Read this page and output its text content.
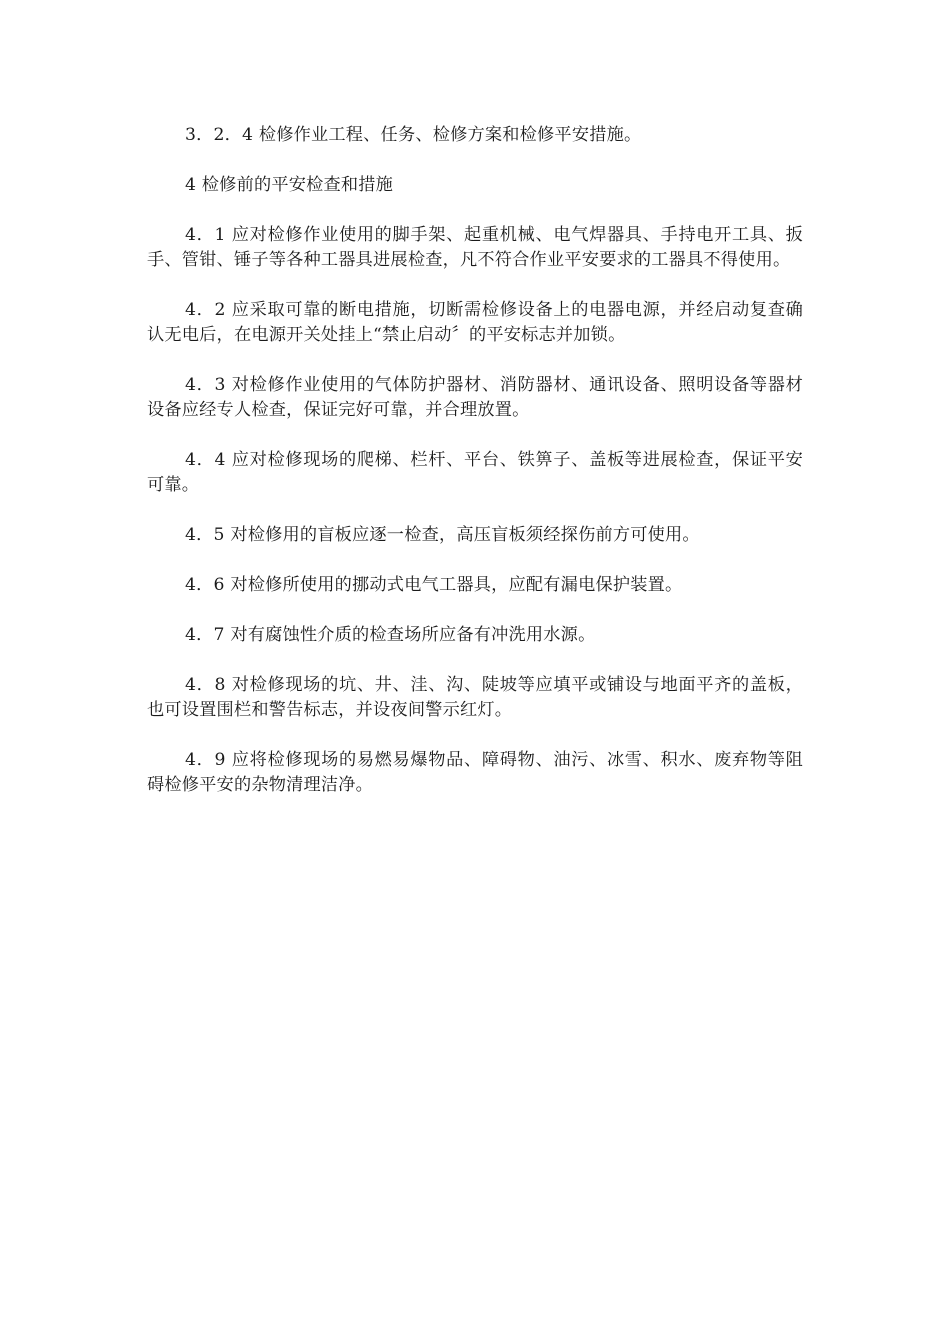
3．2．4 检修作业工程、任务、检修方案和检修平安措施。

4 检修前的平安检查和措施

4．1 应对检修作业使用的脚手架、起重机械、电气焊器具、手持电开工具、扳手、管钳、锤子等各种工器具进展检查，凡不符合作业平安要求的工器具不得使用。

4．2 应采取可靠的断电措施，切断需检修设备上的电器电源，并经启动复查确认无电后，在电源开关处挂上“禁止启动〞的平安标志并加锁。

4．3 对检修作业使用的气体防护器材、消防器材、通讯设备、照明设备等器材设备应经专人检查，保证完好可靠，并合理放置。

4．4 应对检修现场的爬梯、栏杆、平台、铁箅子、盖板等进展检查，保证平安可靠。

4．5 对检修用的盲板应逐一检查，高压盲板须经探伤前方可使用。

4．6 对检修所使用的挪动式电气工器具，应配有漏电保护装置。

4．7 对有腐蚀性介质的检查场所应备有冲洗用水源。

4．8 对检修现场的坑、井、洼、沟、陡坡等应填平或铺设与地面平齐的盖板，也可设置围栏和警告标志，并设夜间警示红灯。

4．9 应将检修现场的易燃易爆物品、障碍物、油污、冰雪、积水、废弃物等阻碍检修平安的杂物清理洁净。
